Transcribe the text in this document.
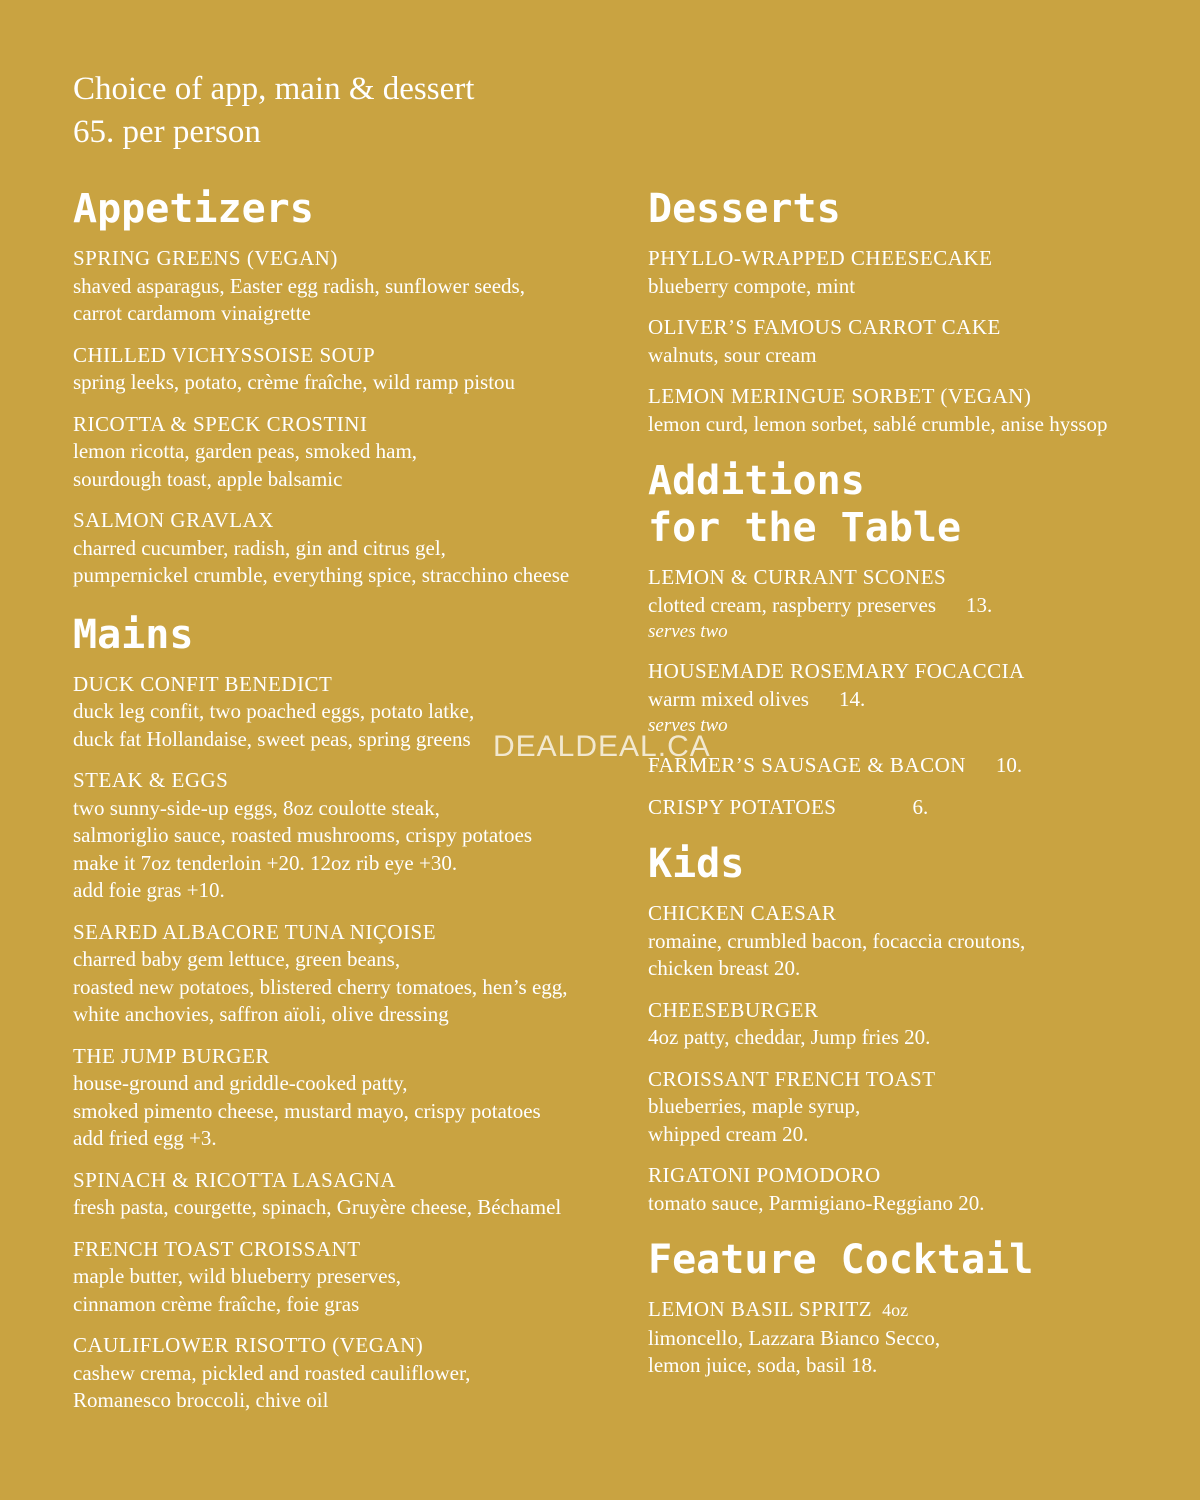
Choice of app, main & dessert
65. per person
Appetizers
SPRING GREENS (VEGAN)
shaved asparagus, Easter egg radish, sunflower seeds,
carrot cardamom vinaigrette
CHILLED VICHYSSOISE SOUP
spring leeks, potato, crème fraîche, wild ramp pistou
RICOTTA & SPECK CROSTINI
lemon ricotta, garden peas, smoked ham,
sourdough toast, apple balsamic
SALMON GRAVLAX
charred cucumber, radish, gin and citrus gel,
pumpernickel crumble, everything spice, stracchino cheese
Mains
DUCK CONFIT BENEDICT
duck leg confit, two poached eggs, potato latke,
duck fat Hollandaise, sweet peas, spring greens
STEAK & EGGS
two sunny-side-up eggs, 8oz coulotte steak,
salmoriglio sauce, roasted mushrooms, crispy potatoes
make it 7oz tenderloin +20. 12oz rib eye +30.
add foie gras +10.
SEARED ALBACORE TUNA NIÇOISE
charred baby gem lettuce, green beans,
roasted new potatoes, blistered cherry tomatoes, hen’s egg,
white anchovies, saffron aïoli, olive dressing
THE JUMP BURGER
house-ground and griddle-cooked patty,
smoked pimento cheese, mustard mayo, crispy potatoes
add fried egg +3.
SPINACH & RICOTTA LASAGNA
fresh pasta, courgette, spinach, Gruyère cheese, Béchamel
FRENCH TOAST CROISSANT
maple butter, wild blueberry preserves,
cinnamon crème fraîche, foie gras
CAULIFLOWER RISOTTO (VEGAN)
cashew crema, pickled and roasted cauliflower,
Romanesco broccoli, chive oil
Desserts
PHYLLO-WRAPPED CHEESECAKE
blueberry compote, mint
OLIVER’S FAMOUS CARROT CAKE
walnuts, sour cream
LEMON MERINGUE SORBET (VEGAN)
lemon curd, lemon sorbet, sablé crumble, anise hyssop
Additions
for the Table
LEMON & CURRANT SCONES
clotted cream, raspberry preserves 13.
serves two
HOUSEMADE ROSEMARY FOCACCIA
warm mixed olives 14.
serves two
FARMER’S SAUSAGE & BACON 10.
CRISPY POTATOES	6.
Kids
CHICKEN CAESAR
romaine, crumbled bacon, focaccia croutons,
chicken breast 20.
CHEESEBURGER
4oz patty, cheddar, Jump fries 20.
CROISSANT FRENCH TOAST
blueberries, maple syrup,
whipped cream 20.
RIGATONI POMODORO
tomato sauce, Parmigiano-Reggiano 20.
Feature Cocktail
LEMON BASIL SPRITZ 4oz
limoncello, Lazzara Bianco Secco,
lemon juice, soda, basil 18.
DEALDEAL.CA
